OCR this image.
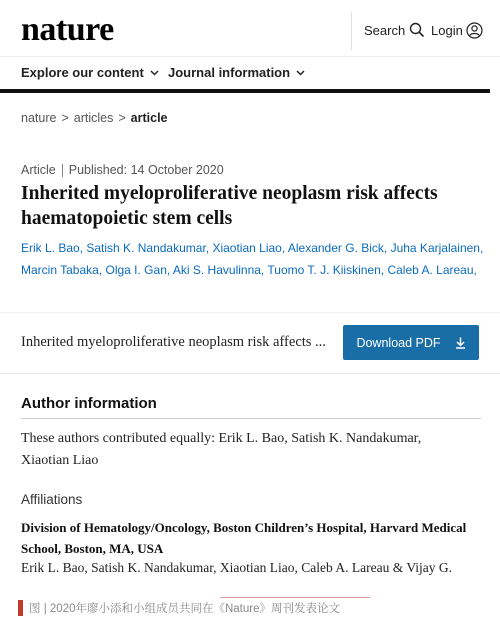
nature	Search Login
Explore our content Journal information
nature > articles > article
Article Published: 14 October 2020
Inherited myeloproliferative neoplasm risk affects haematopoietic stem cells
Erik L. Bao, Satish K. Nandakumar, Xiaotian Liao, Alexander G. Bick, Juha Karjalainen,
Marcin Tabaka, Olga I. Gan, Aki S. Havulinna, Tuomo T. J. Kiiskinen, Caleb A. Lareau,
Inherited myeloproliferative neoplasm risk affects ... Download PDF
Author information
These authors contributed equally: Erik L. Bao, Satish K. Nandakumar,
Xiaotian Liao
Affiliations
Division of Hematology/Oncology, Boston Children’s Hospital, Harvard Medical School, Boston, MA, USA
Erik L. Bao, Satish K. Nandakumar, Xiaotian Liao, Caleb A. Lareau & Vijay G.
图 | 2020年廖小添和小组成员共同在《Nature》周刊发表论文
